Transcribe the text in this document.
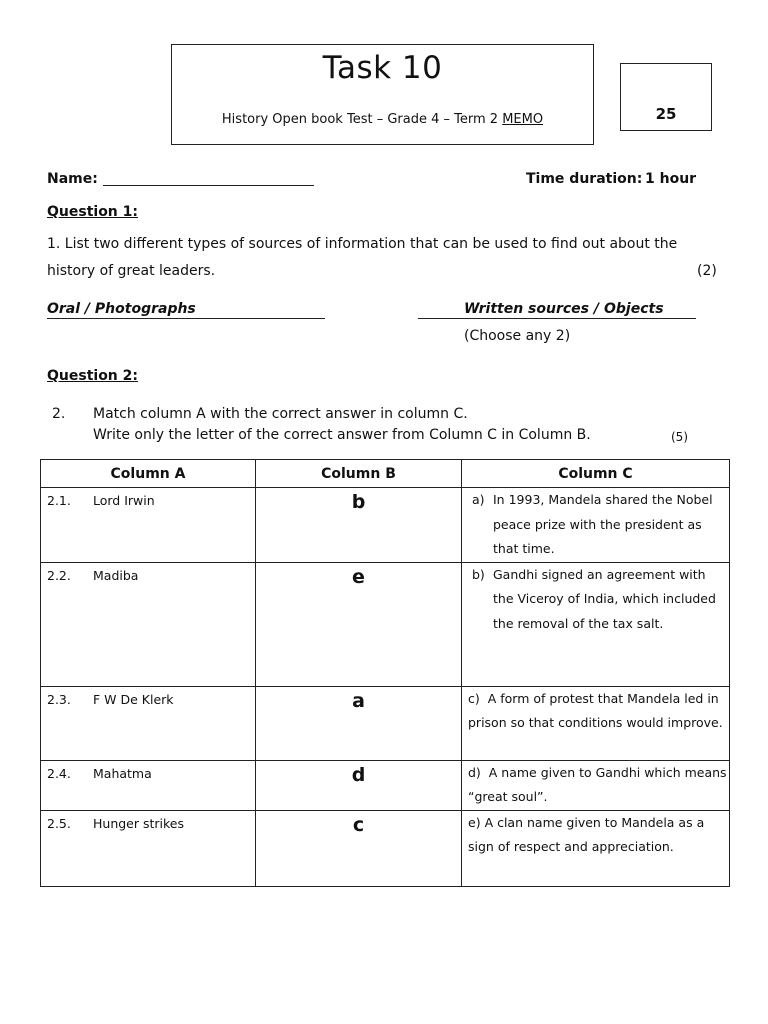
Task 10
History Open book Test – Grade 4 – Term 2 MEMO	25
Name:	Time duration: 1 hour
Question 1:
1. List two different types of sources of information that can be used to find out about the
history of great leaders.	(2)
Oral / Photographs	Written sources / Objects
(Choose any 2)
Question 2:
2. Match column A with the correct answer in column C.
Write only the letter of the correct answer from Column C in Column B.	(5)
Column A	Column B	Column C
2.1. Lord Irwin	b	a) In 1993, Mandela shared the Nobel peace prize with the president as that time.

2.2. Madiba	e	b) Gandhi signed an agreement with the Viceroy of India, which included the removal of the tax salt.

2.3. F W De Klerk	a	c) A form of protest that Mandela led in prison so that conditions would improve.

2.4. Mahatma	d	d) A name given to Gandhi which means “great soul”.

2.5. Hunger strikes	c	e) A clan name given to Mandela as a sign of respect and appreciation.
